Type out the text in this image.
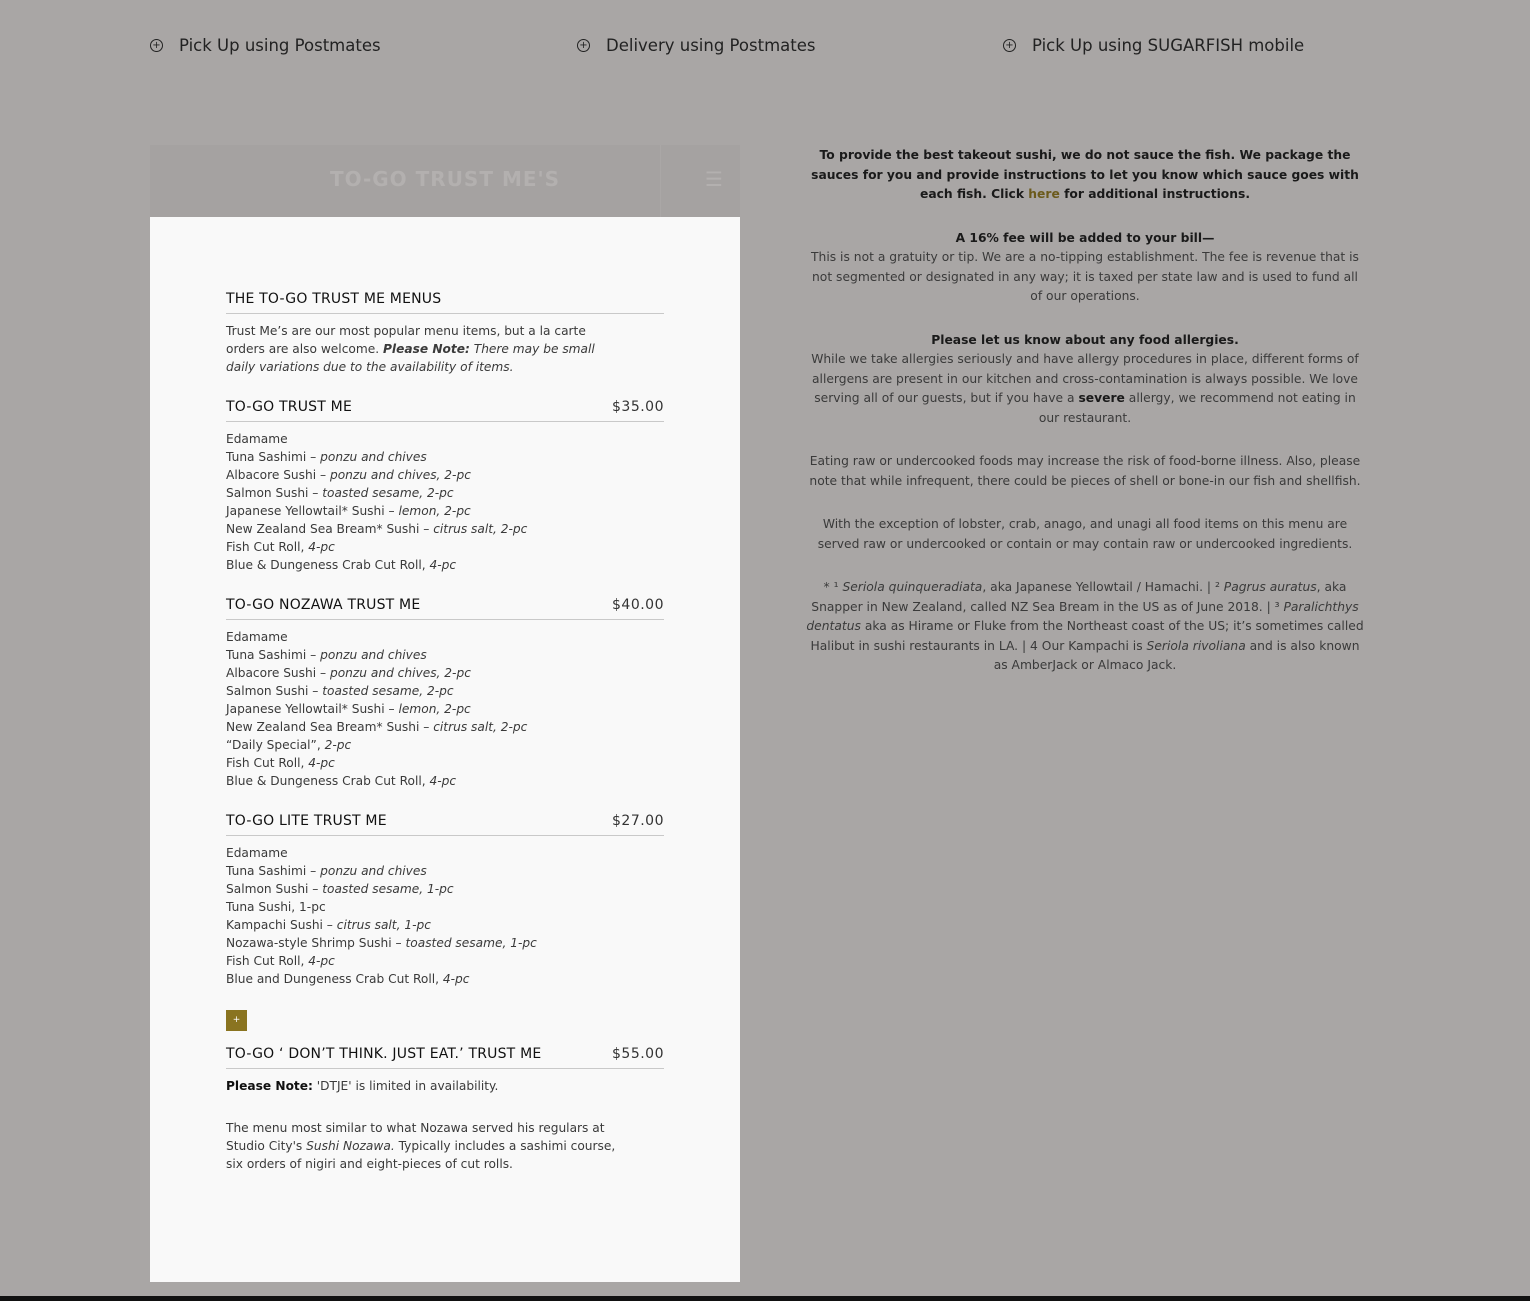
+ Pick Up using Postmates	+ Delivery using Postmates	+ Pick Up using SUGARFISH mobile
TO-GO TRUST ME'S	☰
THE TO-GO TRUST ME MENUS
Trust Me’s are our most popular menu items, but a la carte orders are also welcome. Please Note: There may be small daily variations due to the availability of items.
TO-GO TRUST ME	$35.00
Edamame
Tuna Sashimi – ponzu and chives
Albacore Sushi – ponzu and chives, 2-pc
Salmon Sushi – toasted sesame, 2-pc
Japanese Yellowtail* Sushi – lemon, 2-pc
New Zealand Sea Bream* Sushi – citrus salt, 2-pc
Fish Cut Roll, 4-pc
Blue & Dungeness Crab Cut Roll, 4-pc
TO-GO NOZAWA TRUST ME	$40.00
Edamame
Tuna Sashimi – ponzu and chives
Albacore Sushi – ponzu and chives, 2-pc
Salmon Sushi – toasted sesame, 2-pc
Japanese Yellowtail* Sushi – lemon, 2-pc
New Zealand Sea Bream* Sushi – citrus salt, 2-pc
“Daily Special”, 2-pc
Fish Cut Roll, 4-pc
Blue & Dungeness Crab Cut Roll, 4-pc
TO-GO LITE TRUST ME	$27.00
Edamame
Tuna Sashimi – ponzu and chives
Salmon Sushi – toasted sesame, 1-pc
Tuna Sushi, 1-pc
Kampachi Sushi – citrus salt, 1-pc
Nozawa-style Shrimp Sushi – toasted sesame, 1-pc
Fish Cut Roll, 4-pc
Blue and Dungeness Crab Cut Roll, 4-pc
+
TO-GO ‘ DON’T THINK. JUST EAT.’ TRUST ME	$55.00
Please Note: 'DTJE' is limited in availability.
The menu most similar to what Nozawa served his regulars at Studio City's Sushi Nozawa. Typically includes a sashimi course, six orders of nigiri and eight-pieces of cut rolls.

To provide the best takeout sushi, we do not sauce the fish. We package the sauces for you and provide instructions to let you know which sauce goes with each fish. Click here for additional instructions.

A 16% fee will be added to your bill—
This is not a gratuity or tip. We are a no-tipping establishment. The fee is revenue that is not segmented or designated in any way; it is taxed per state law and is used to fund all of our operations.

Please let us know about any food allergies.
While we take allergies seriously and have allergy procedures in place, different forms of allergens are present in our kitchen and cross-contamination is always possible. We love serving all of our guests, but if you have a severe allergy, we recommend not eating in our restaurant.

Eating raw or undercooked foods may increase the risk of food-borne illness. Also, please note that while infrequent, there could be pieces of shell or bone-in our fish and shellfish.

With the exception of lobster, crab, anago, and unagi all food items on this menu are served raw or undercooked or contain or may contain raw or undercooked ingredients.

* ¹ Seriola quinqueradiata, aka Japanese Yellowtail / Hamachi. | ² Pagrus auratus, aka Snapper in New Zealand, called NZ Sea Bream in the US as of June 2018. | ³ Paralichthys dentatus aka as Hirame or Fluke from the Northeast coast of the US; it’s sometimes called Halibut in sushi restaurants in LA. | 4 Our Kampachi is Seriola rivoliana and is also known as AmberJack or Almaco Jack.
